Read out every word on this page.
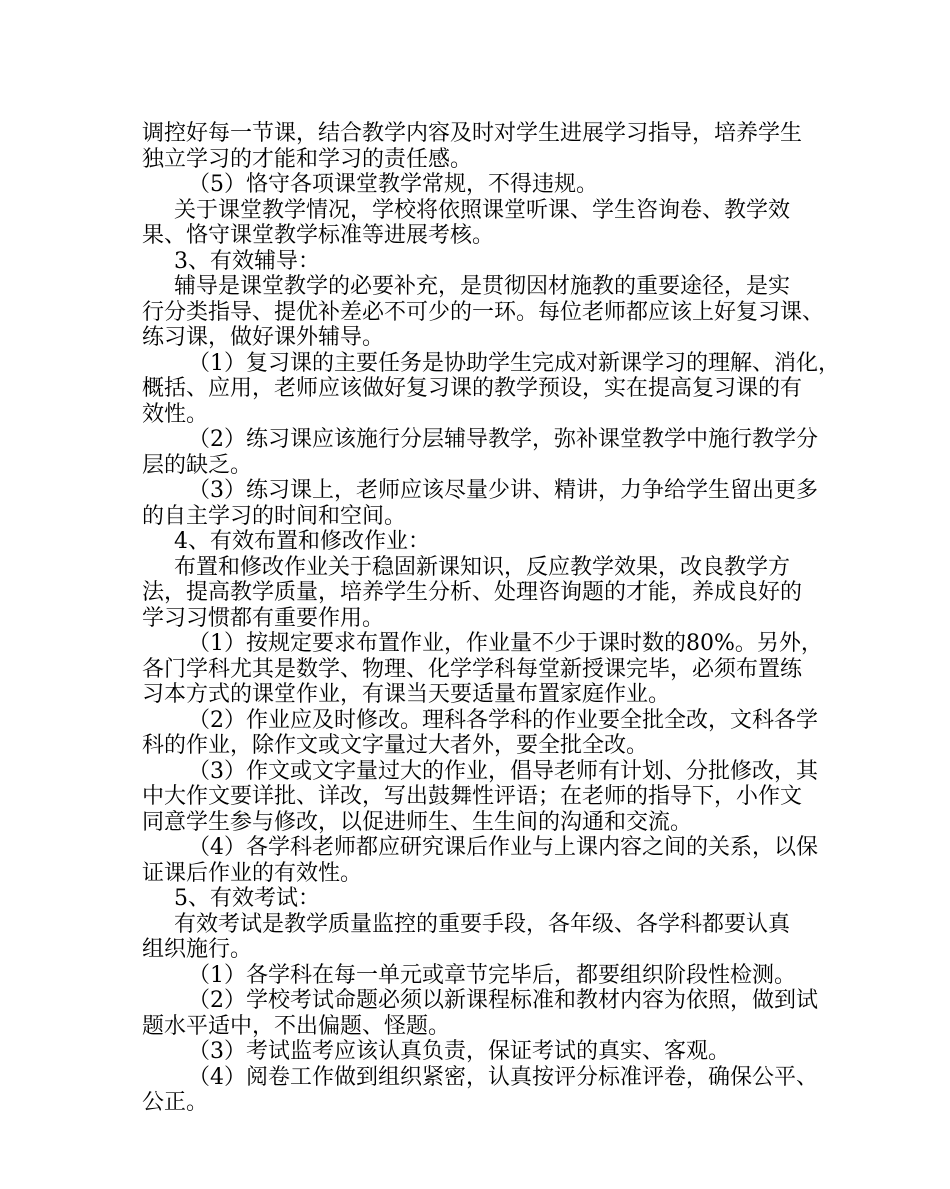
调控好每一节课，结合教学内容及时对学生进展学习指导，培养学生

独立学习的才能和学习的责任感。

（5）恪守各项课堂教学常规，不得违规。

关于课堂教学情况，学校将依照课堂听课、学生咨询卷、教学效

果、恪守课堂教学标准等进展考核。

3、有效辅导：

辅导是课堂教学的必要补充，是贯彻因材施教的重要途径，是实

行分类指导、提优补差必不可少的一环。每位老师都应该上好复习课、

练习课，做好课外辅导。

（1）复习课的主要任务是协助学生完成对新课学习的理解、消化，

概括、应用，老师应该做好复习课的教学预设，实在提高复习课的有

效性。

（2）练习课应该施行分层辅导教学，弥补课堂教学中施行教学分

层的缺乏。

（3）练习课上，老师应该尽量少讲、精讲，力争给学生留出更多

的自主学习的时间和空间。

4、有效布置和修改作业：

布置和修改作业关于稳固新课知识，反应教学效果，改良教学方

法，提高教学质量，培养学生分析、处理咨询题的才能，养成良好的

学习习惯都有重要作用。

（1）按规定要求布置作业，作业量不少于课时数的80%。另外，

各门学科尤其是数学、物理、化学学科每堂新授课完毕，必须布置练

习本方式的课堂作业，有课当天要适量布置家庭作业。

（2）作业应及时修改。理科各学科的作业要全批全改，文科各学

科的作业，除作文或文字量过大者外，要全批全改。

（3）作文或文字量过大的作业，倡导老师有计划、分批修改，其

中大作文要详批、详改，写出鼓舞性评语；在老师的指导下，小作文

同意学生参与修改，以促进师生、生生间的沟通和交流。

（4）各学科老师都应研究课后作业与上课内容之间的关系，以保

证课后作业的有效性。

5、有效考试：

有效考试是教学质量监控的重要手段，各年级、各学科都要认真

组织施行。

（1）各学科在每一单元或章节完毕后，都要组织阶段性检测。

（2）学校考试命题必须以新课程标准和教材内容为依照，做到试

题水平适中，不出偏题、怪题。

（3）考试监考应该认真负责，保证考试的真实、客观。

（4）阅卷工作做到组织紧密，认真按评分标准评卷，确保公平、

公正。
